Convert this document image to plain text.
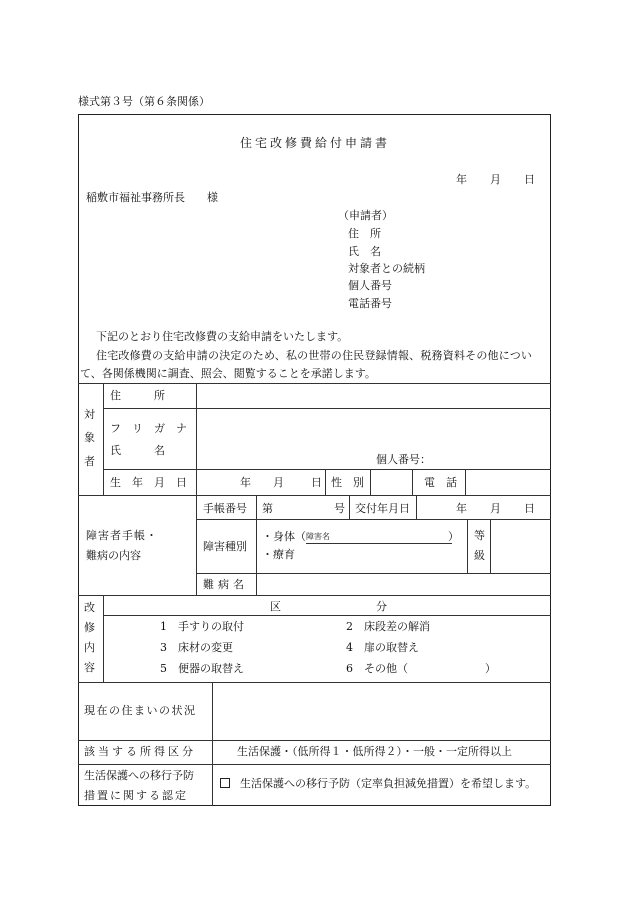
様式第３号（第６条関係）
住宅改修費給付申請書
年 月 日
稲敷市福祉事務所長　　様
（申請者）
住　所
氏　名
対象者との続柄
個人番号
電話番号
下記のとおり住宅改修費の支給申請をいたします。
住宅改修費の支給申請の決定のため、私の世帯の住民登録情報、税務資料その他につい
て、各関係機関に調査、照会、閲覧することを承諾します。
対
象
者
住　　　所
フ　リ　ガ　ナ
氏　　　名
個人番号：
生　年　月　日	年 月 日 性　別	電　話
障害者手帳・
難病の内容
手帳番号 第	号 交付年月日	年 月 日
障害種別
・身体（ 障害名	）
・療育
等
級
難病名
改
修
内
容
区	分
1　手すりの取付	2　床段差の解消
3　床材の変更	4　扉の取替え
5　便器の取替え	6　その他（　　　　　　　）
現在の住まいの状況
該当する所得区分	生活保護・（低所得１・低所得２）・一般・一定所得以上
生活保護への移行予防
措置に関する認定
生活保護への移行予防（定率負担減免措置）を希望します。
